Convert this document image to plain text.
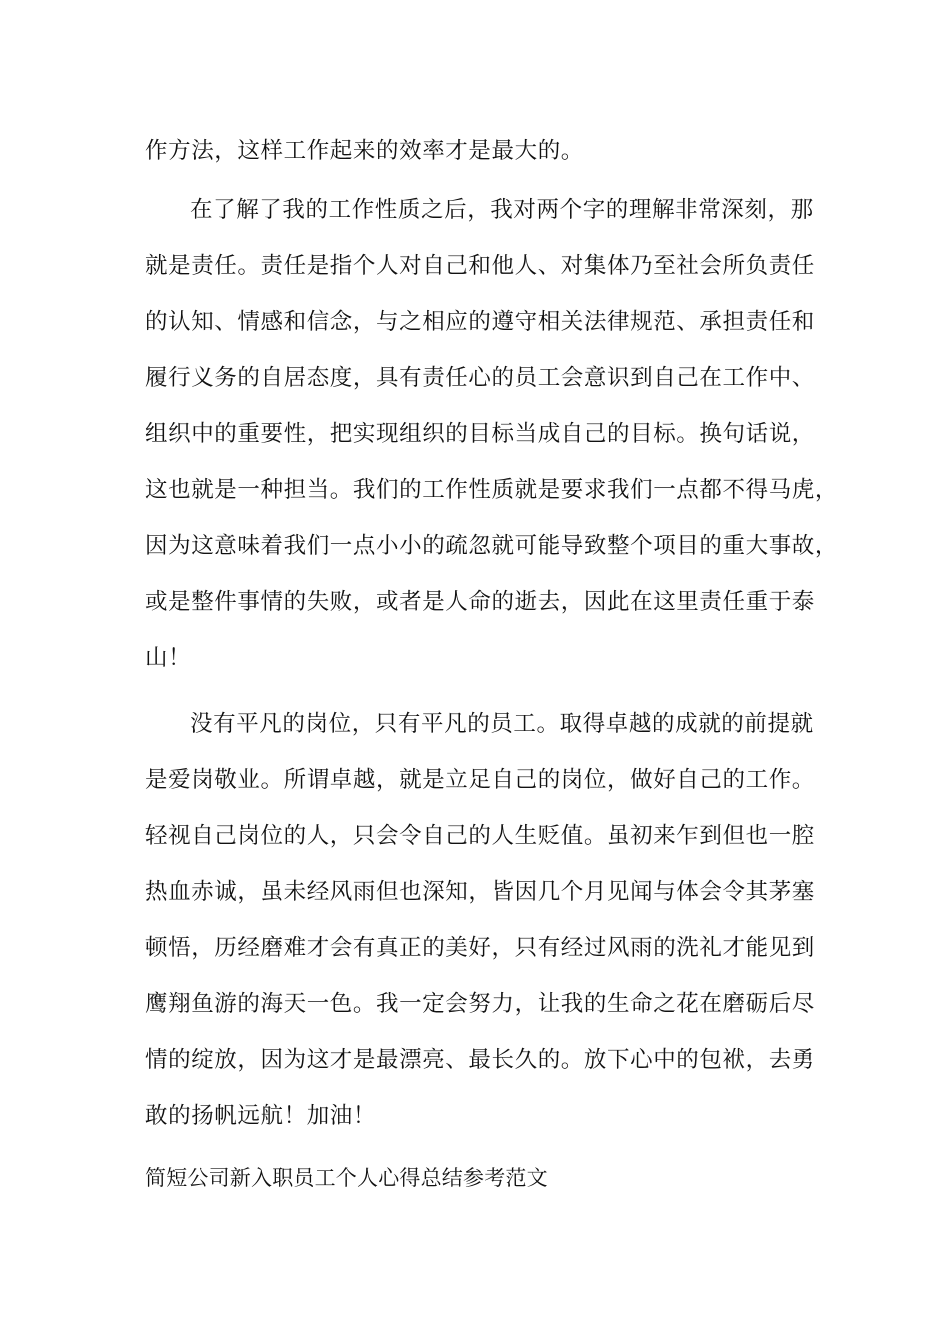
作方法，这样工作起来的效率才是最大的。
在了解了我的工作性质之后，我对两个字的理解非常深刻，那
就是责任。责任是指个人对自己和他人、对集体乃至社会所负责任
的认知、情感和信念，与之相应的遵守相关法律规范、承担责任和
履行义务的自居态度，具有责任心的员工会意识到自己在工作中、
组织中的重要性，把实现组织的目标当成自己的目标。换句话说，
这也就是一种担当。我们的工作性质就是要求我们一点都不得马虎，
因为这意味着我们一点小小的疏忽就可能导致整个项目的重大事故，
或是整件事情的失败，或者是人命的逝去，因此在这里责任重于泰
山！
没有平凡的岗位，只有平凡的员工。取得卓越的成就的前提就
是爱岗敬业。所谓卓越，就是立足自己的岗位，做好自己的工作。
轻视自己岗位的人，只会令自己的人生贬值。虽初来乍到但也一腔
热血赤诚，虽未经风雨但也深知，皆因几个月见闻与体会令其茅塞
顿悟，历经磨难才会有真正的美好，只有经过风雨的洗礼才能见到
鹰翔鱼游的海天一色。我一定会努力，让我的生命之花在磨砺后尽
情的绽放，因为这才是最漂亮、最长久的。放下心中的包袱，去勇
敢的扬帆远航！加油！
简短公司新入职员工个人心得总结参考范文
